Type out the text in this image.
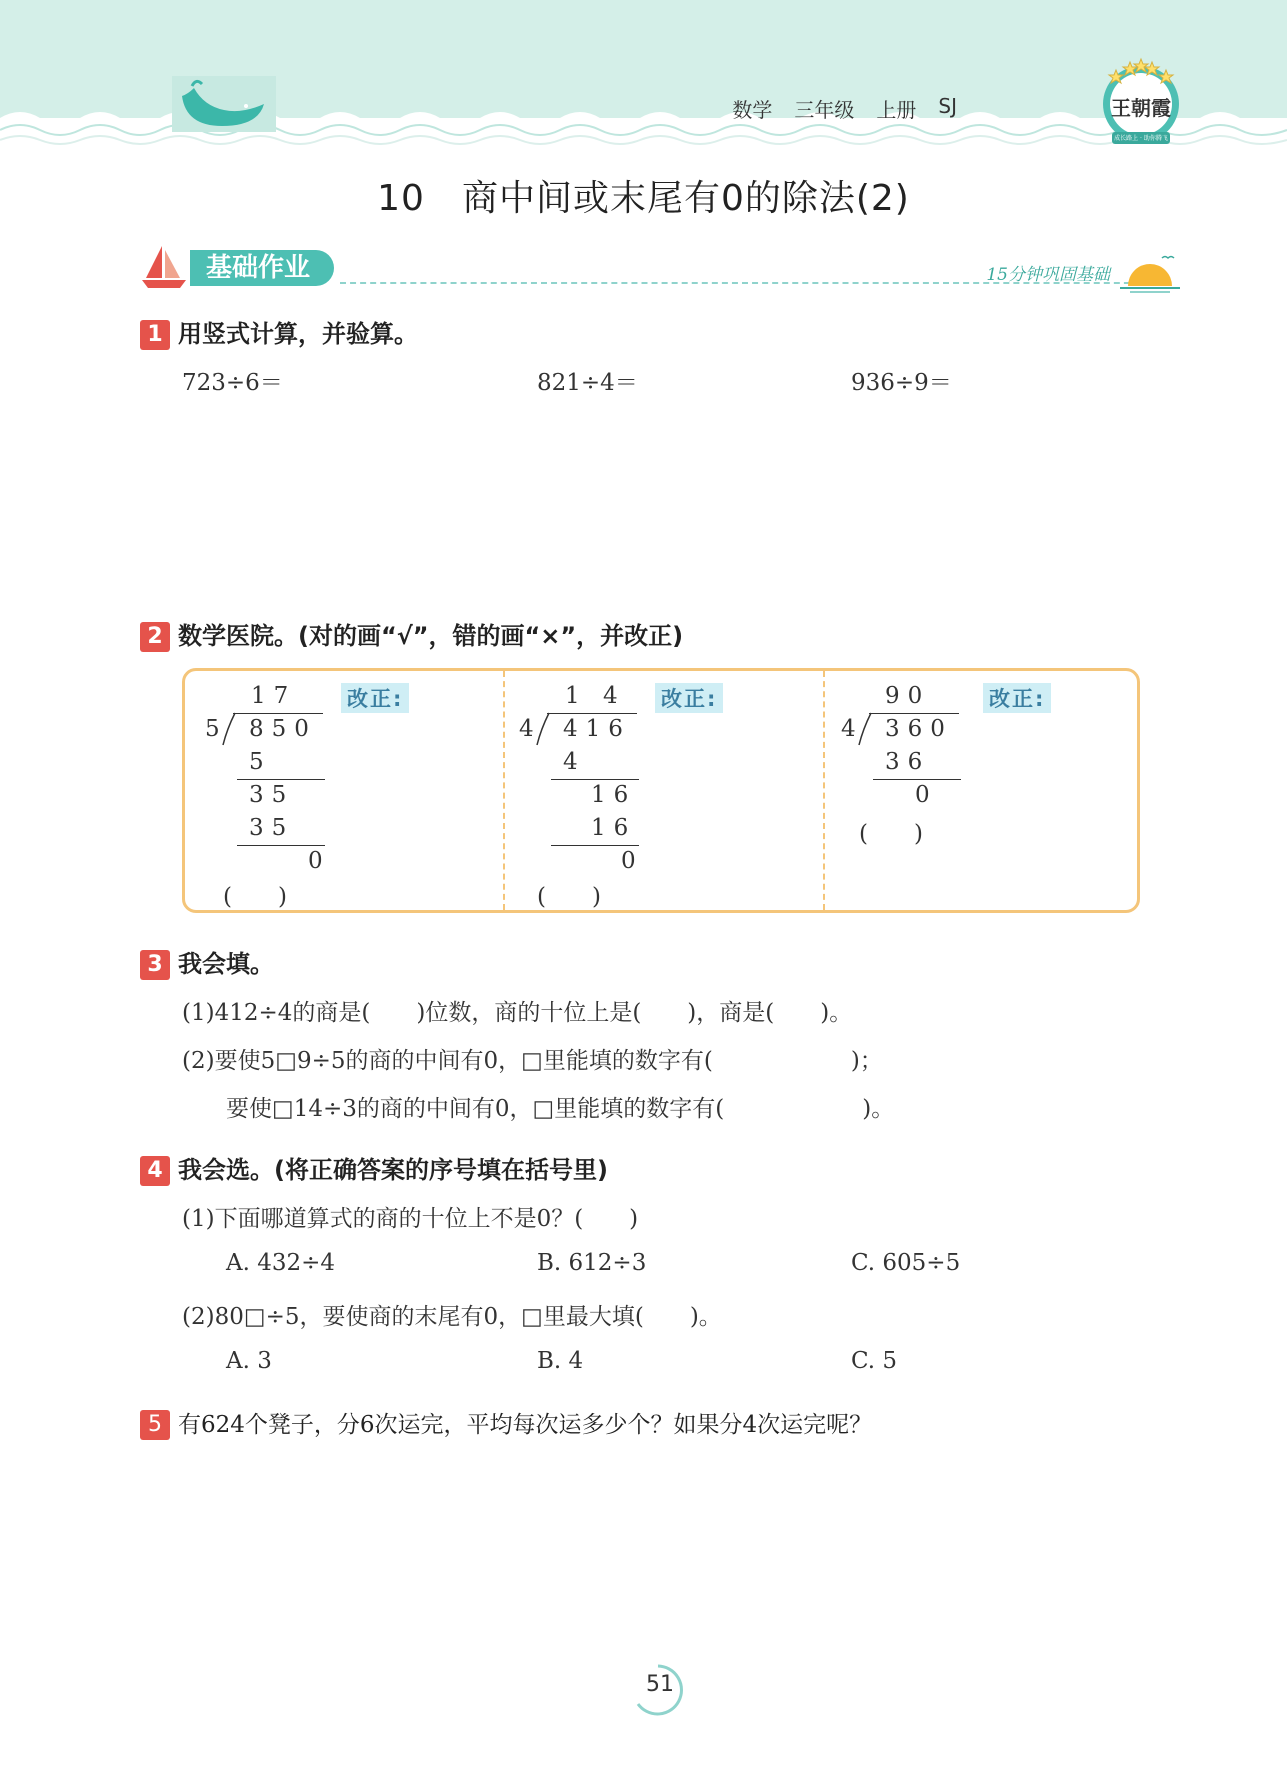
数学 三年级 上册 SJ	王朝霞
成长路上 · 助你腾飞
10　商中间或末尾有0的除法(2)
基础作业	15分钟巩固基础
1 用竖式计算，并验算。
723÷6＝	821÷4＝	936÷9＝
2 数学医院。(对的画“√”，错的画“×”，并改正)
17
5 850
5
35
35
0
(　　)
改正:	1 4
4 416
4
16
16
0
(　　)
改正:	90
4 360
36
0
(　　)
改正:
3 我会填。
(1)412÷4的商是(　　)位数，商的十位上是(　　)，商是(　　)。
(2)要使5□9÷5的商的中间有0，□里能填的数字有(　　　　　　)；
要使□14÷3的商的中间有0，□里能填的数字有(　　　　　　)。
4 我会选。(将正确答案的序号填在括号里)
(1)下面哪道算式的商的十位上不是0？(　　)
A. 432÷4	B. 612÷3	C. 605÷5
(2)80□÷5，要使商的末尾有0，□里最大填(　　)。
A. 3	B. 4	C. 5
5 有624个凳子，分6次运完，平均每次运多少个？如果分4次运完呢？
51
